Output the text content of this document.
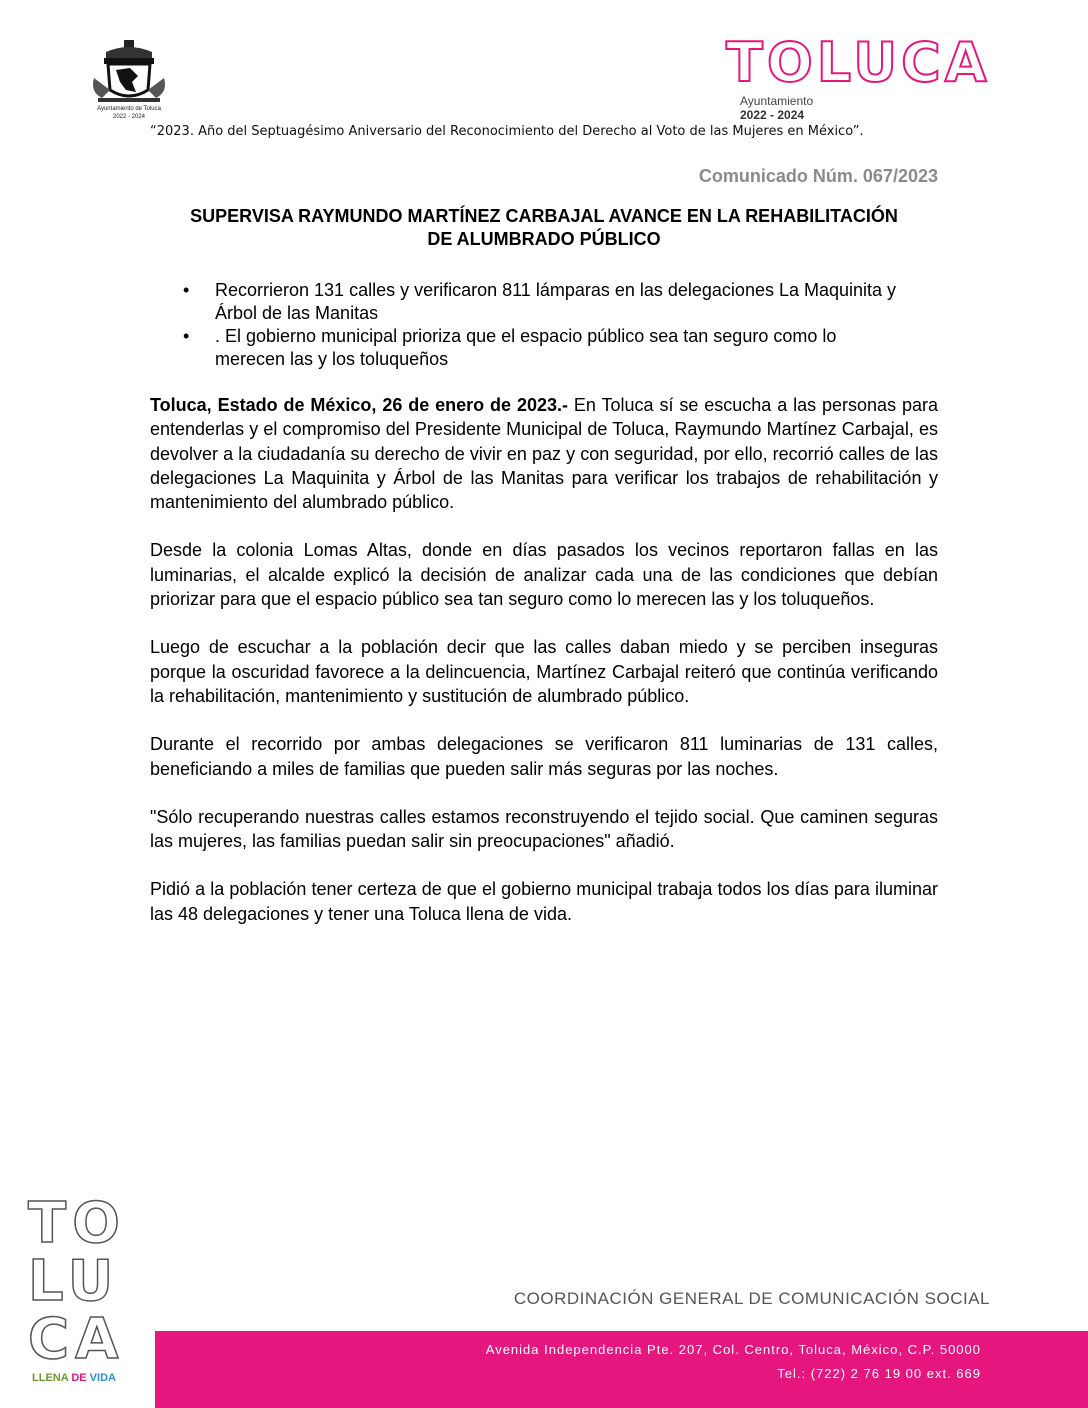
Ayuntamiento de Toluca
2022 - 2024
TOLUCA
Ayuntamiento
2022 - 2024
“2023. Año del Septuagésimo Aniversario del Reconocimiento del Derecho al Voto de las Mujeres en México”.
Comunicado Núm. 067/2023
SUPERVISA RAYMUNDO MARTÍNEZ CARBAJAL AVANCE EN LA REHABILITACIÓN
DE ALUMBRADO PÚBLICO
• Recorrieron 131 calles y verificaron 811 lámparas en las delegaciones La Maquinita y Árbol de las Manitas
• . El gobierno municipal prioriza que el espacio público sea tan seguro como lo merecen las y los toluqueños

Toluca, Estado de México, 26 de enero de 2023.- En Toluca sí se escucha a las personas para entenderlas y el compromiso del Presidente Municipal de Toluca, Raymundo Martínez Carbajal, es devolver a la ciudadanía su derecho de vivir en paz y con seguridad, por ello, recorrió calles de las delegaciones La Maquinita y Árbol de las Manitas para verificar los trabajos de rehabilitación y mantenimiento del alumbrado público.

Desde la colonia Lomas Altas, donde en días pasados los vecinos reportaron fallas en las luminarias, el alcalde explicó la decisión de analizar cada una de las condiciones que debían priorizar para que el espacio público sea tan seguro como lo merecen las y los toluqueños.

Luego de escuchar a la población decir que las calles daban miedo y se perciben inseguras porque la oscuridad favorece a la delincuencia, Martínez Carbajal reiteró que continúa verificando la rehabilitación, mantenimiento y sustitución de alumbrado público.

Durante el recorrido por ambas delegaciones se verificaron 811 luminarias de 131 calles, beneficiando a miles de familias que pueden salir más seguras por las noches.

"Sólo recuperando nuestras calles estamos reconstruyendo el tejido social. Que caminen seguras las mujeres, las familias puedan salir sin preocupaciones" añadió.

Pidió a la población tener certeza de que el gobierno municipal trabaja todos los días para iluminar las 48 delegaciones y tener una Toluca llena de vida.

TO
LU
CA
LLENA DE VIDA
COORDINACIÓN GENERAL DE COMUNICACIÓN SOCIAL
Avenida Independencia Pte. 207, Col. Centro, Toluca, México, C.P. 50000
Tel.: (722) 2 76 19 00 ext. 669
